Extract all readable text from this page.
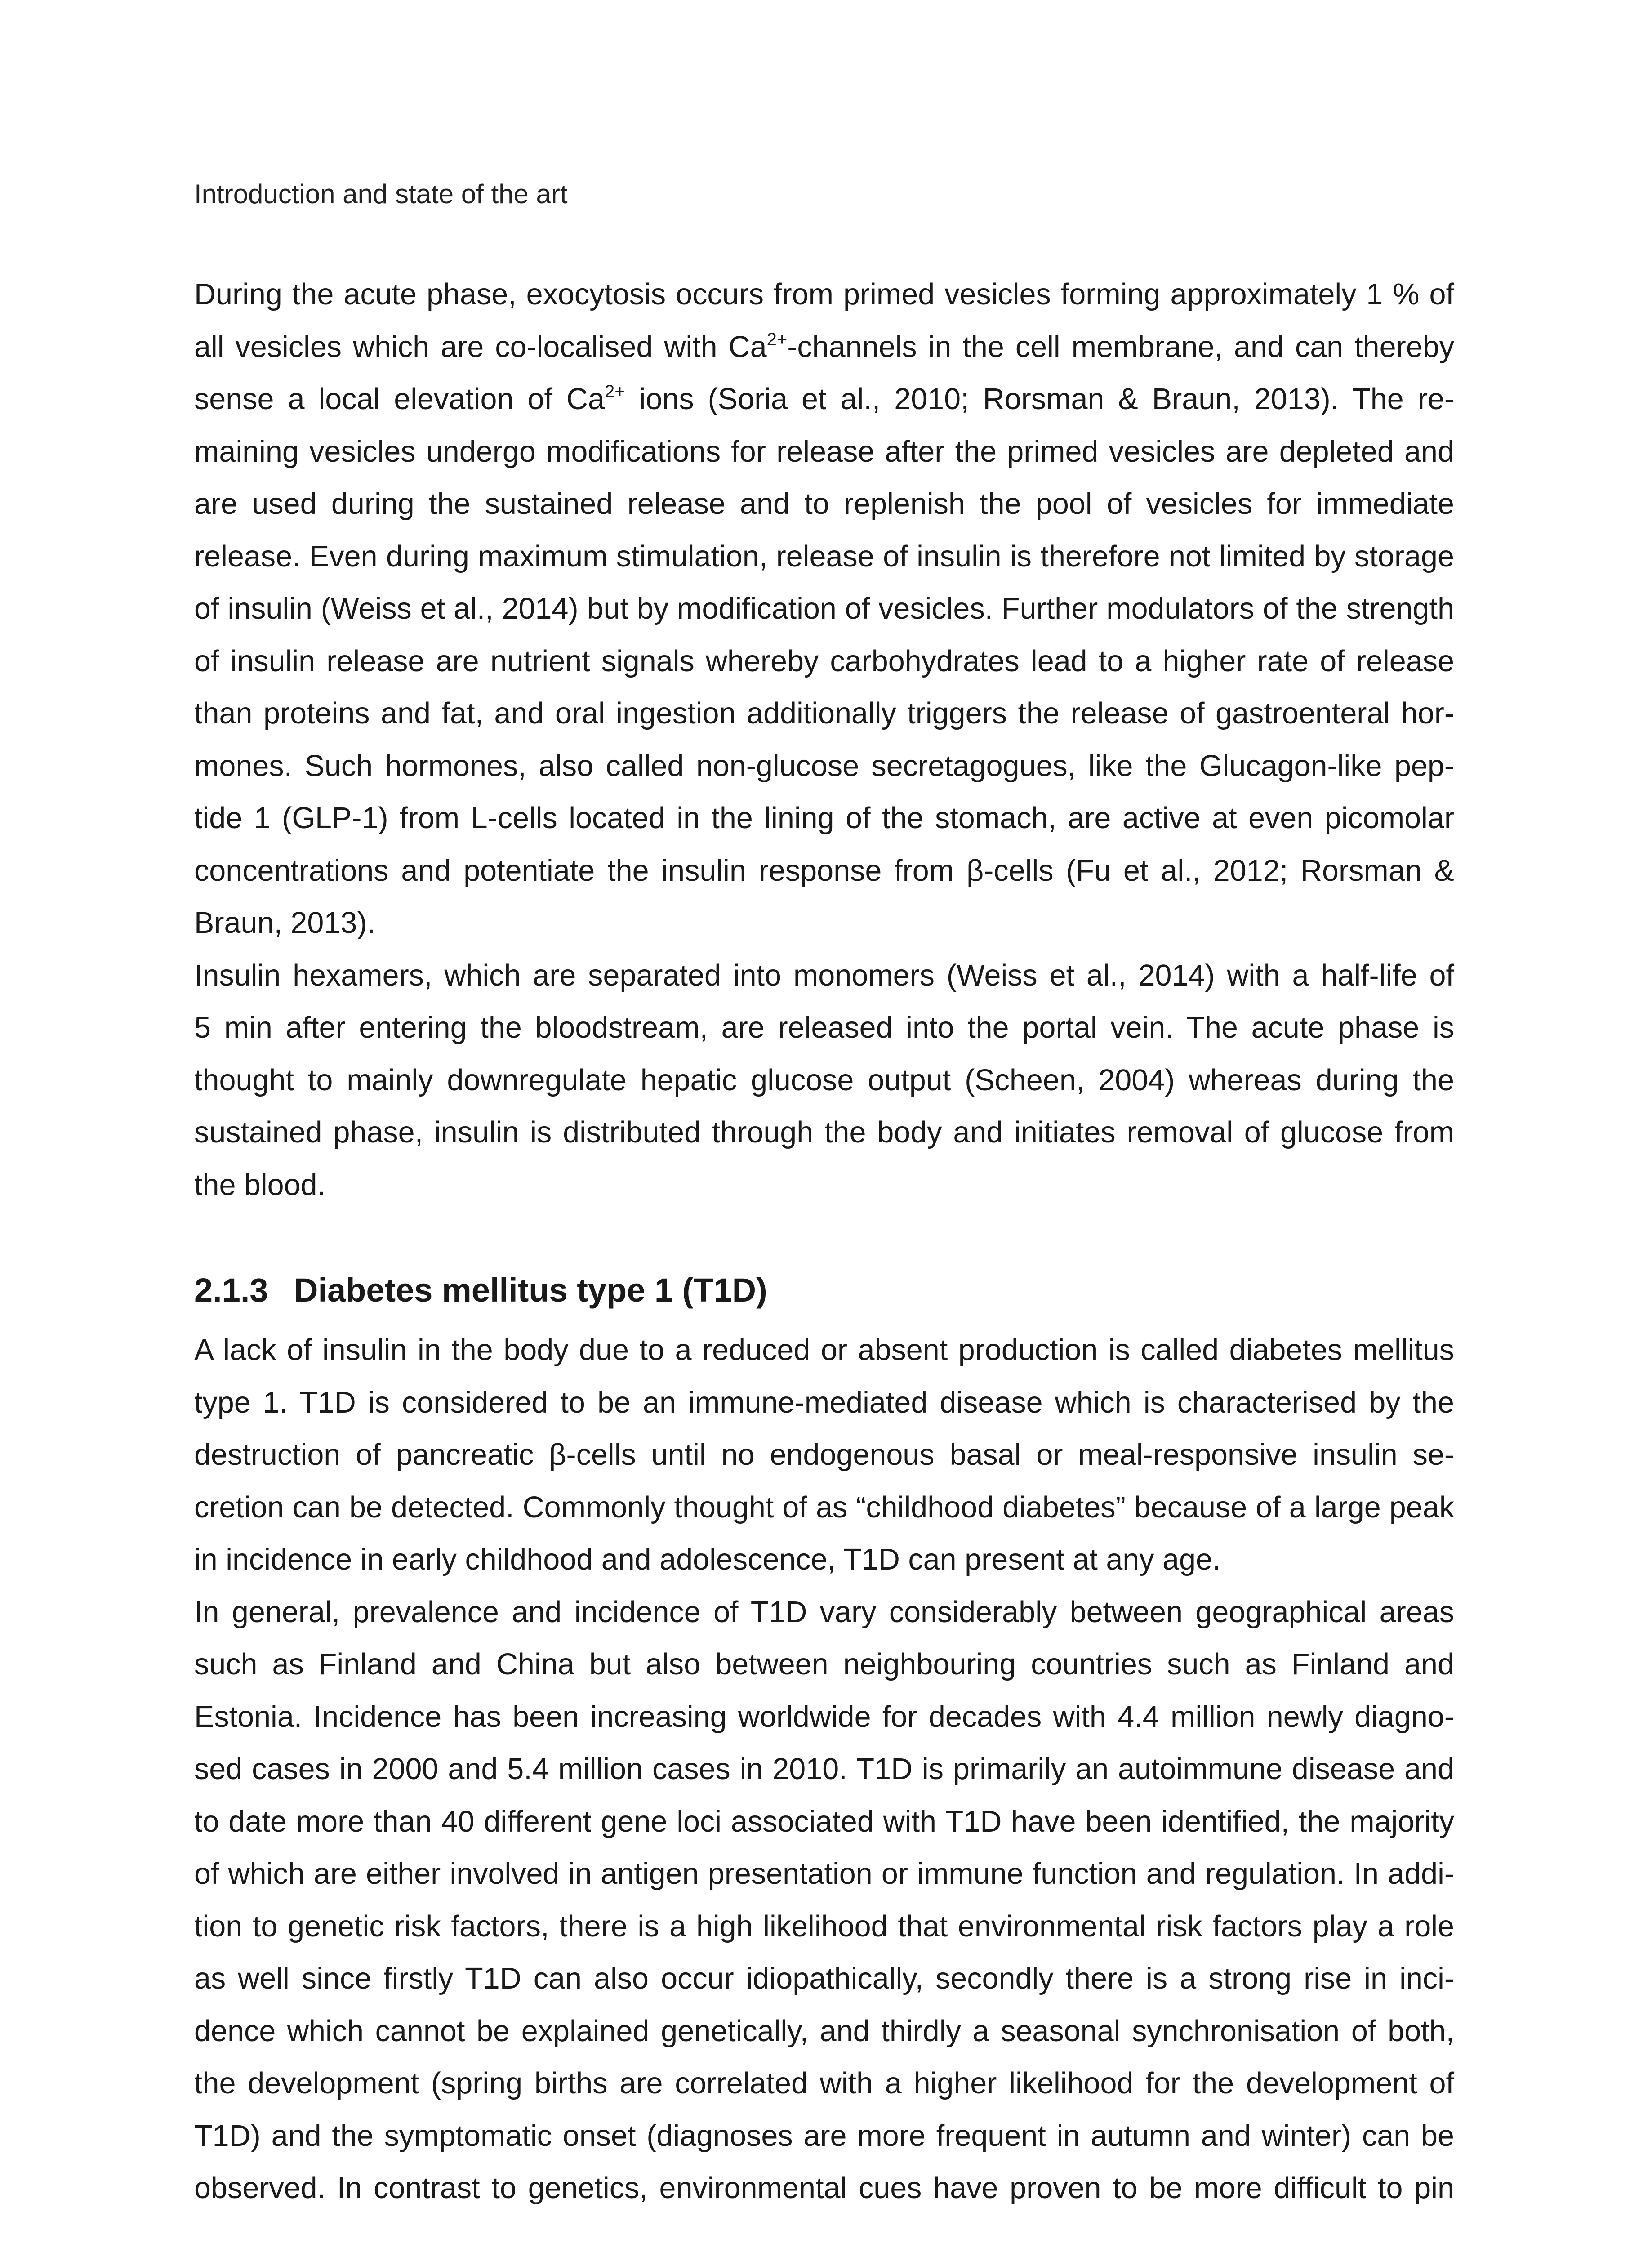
Introduction and state of the art

During the acute phase, exocytosis occurs from primed vesicles forming approximately 1 % of
all vesicles which are co-localised with $Ca^{2+}$-channels in the cell membrane, and can thereby
sense a local elevation of $Ca^{2+}$ ions (Soria et al., 2010; Rorsman & Braun, 2013). The re-
maining vesicles undergo modifications for release after the primed vesicles are depleted and
are used during the sustained release and to replenish the pool of vesicles for immediate
release. Even during maximum stimulation, release of insulin is therefore not limited by storage
of insulin (Weiss et al., 2014) but by modification of vesicles. Further modulators of the strength
of insulin release are nutrient signals whereby carbohydrates lead to a higher rate of release
than proteins and fat, and oral ingestion additionally triggers the release of gastroenteral hor-
mones. Such hormones, also called non-glucose secretagogues, like the Glucagon-like pep-
tide 1 (GLP-1) from L-cells located in the lining of the stomach, are active at even picomolar
concentrations and potentiate the insulin response from β-cells (Fu et al., 2012; Rorsman &
Braun, 2013).

Insulin hexamers, which are separated into monomers (Weiss et al., 2014) with a half-life of
5 min after entering the bloodstream, are released into the portal vein. The acute phase is
thought to mainly downregulate hepatic glucose output (Scheen, 2004) whereas during the
sustained phase, insulin is distributed through the body and initiates removal of glucose from
the blood.

2.1.3 Diabetes mellitus type 1 (T1D)

A lack of insulin in the body due to a reduced or absent production is called diabetes mellitus
type 1. T1D is considered to be an immune-mediated disease which is characterised by the
destruction of pancreatic β-cells until no endogenous basal or meal-responsive insulin se-
cretion can be detected. Commonly thought of as “childhood diabetes” because of a large peak
in incidence in early childhood and adolescence, T1D can present at any age.

In general, prevalence and incidence of T1D vary considerably between geographical areas
such as Finland and China but also between neighbouring countries such as Finland and
Estonia. Incidence has been increasing worldwide for decades with 4.4 million newly diagno-
sed cases in 2000 and 5.4 million cases in 2010. T1D is primarily an autoimmune disease and
to date more than 40 different gene loci associated with T1D have been identified, the majority
of which are either involved in antigen presentation or immune function and regulation. In addi-
tion to genetic risk factors, there is a high likelihood that environmental risk factors play a role
as well since firstly T1D can also occur idiopathically, secondly there is a strong rise in inci-
dence which cannot be explained genetically, and thirdly a seasonal synchronisation of both,
the development (spring births are correlated with a higher likelihood for the development of
T1D) and the symptomatic onset (diagnoses are more frequent in autumn and winter) can be
observed. In contrast to genetics, environmental cues have proven to be more difficult to pin
